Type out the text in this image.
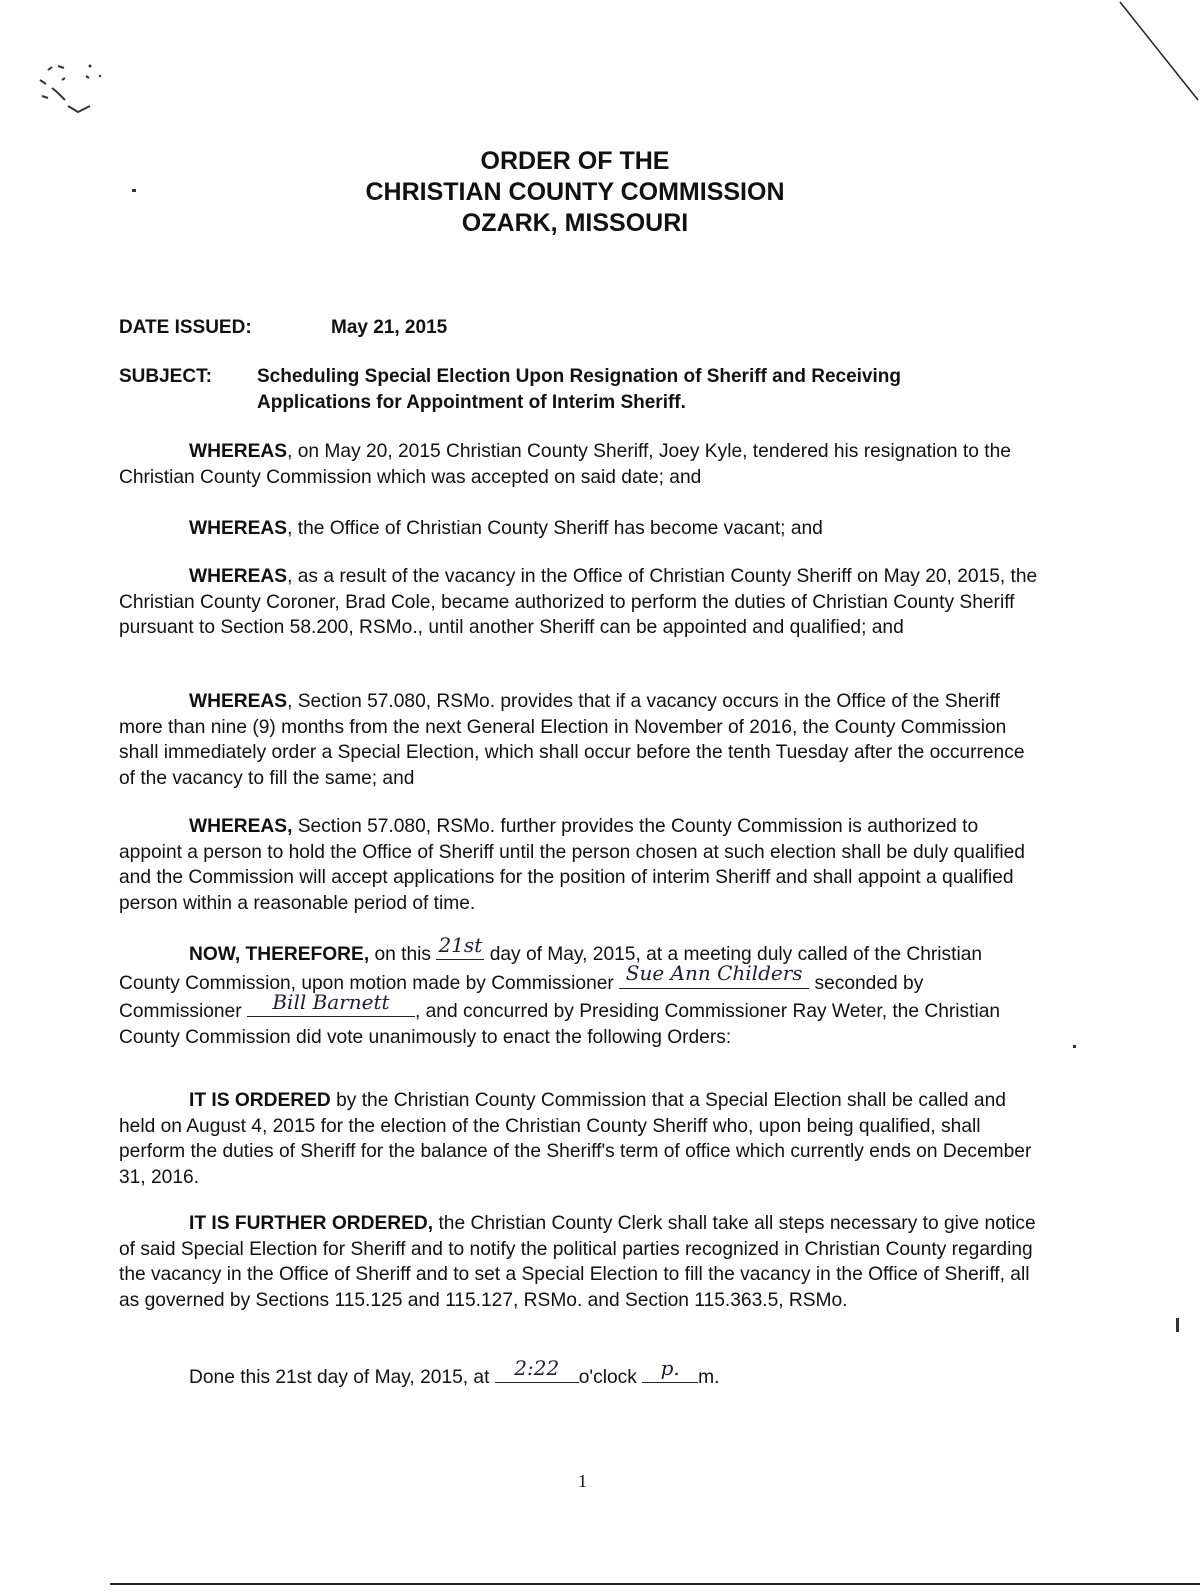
ORDER OF THE
CHRISTIAN COUNTY COMMISSION
OZARK, MISSOURI
DATE ISSUED:	May 21, 2015
SUBJECT: Scheduling Special Election Upon Resignation of Sheriff and Receiving
Applications for Appointment of Interim Sheriff.
WHEREAS, on May 20, 2015 Christian County Sheriff, Joey Kyle, tendered his resignation to the Christian County Commission which was accepted on said date; and
WHEREAS, the Office of Christian County Sheriff has become vacant; and
WHEREAS, as a result of the vacancy in the Office of Christian County Sheriff on May 20, 2015, the Christian County Coroner, Brad Cole, became authorized to perform the duties of Christian County Sheriff pursuant to Section 58.200, RSMo., until another Sheriff can be appointed and qualified; and
WHEREAS, Section 57.080, RSMo. provides that if a vacancy occurs in the Office of the Sheriff more than nine (9) months from the next General Election in November of 2016, the County Commission shall immediately order a Special Election, which shall occur before the tenth Tuesday after the occurrence of the vacancy to fill the same; and
WHEREAS, Section 57.080, RSMo. further provides the County Commission is authorized to appoint a person to hold the Office of Sheriff until the person chosen at such election shall be duly qualified and the Commission will accept applications for the position of interim Sheriff and shall appoint a qualified person within a reasonable period of time.
NOW, THEREFORE, on this 21st day of May, 2015, at a meeting duly called of the Christian County Commission, upon motion made by Commissioner Sue Ann Childers seconded by Commissioner	Bill Barnett	, and concurred by Presiding Commissioner Ray Weter, the Christian County Commission did vote unanimously to enact the following Orders:
IT IS ORDERED by the Christian County Commission that a Special Election shall be called and held on August 4, 2015 for the election of the Christian County Sheriff who, upon being qualified, shall perform the duties of Sheriff for the balance of the Sheriff's term of office which currently ends on December 31, 2016.
IT IS FURTHER ORDERED, the Christian County Clerk shall take all steps necessary to give notice of said Special Election for Sheriff and to notify the political parties recognized in Christian County regarding the vacancy in the Office of Sheriff and to set a Special Election to fill the vacancy in the Office of Sheriff, all as governed by Sections 115.125 and 115.127, RSMo. and Section 115.363.5, RSMo.
Done this 21st day of May, 2015, at 2:22	o'clock p. m.
1
